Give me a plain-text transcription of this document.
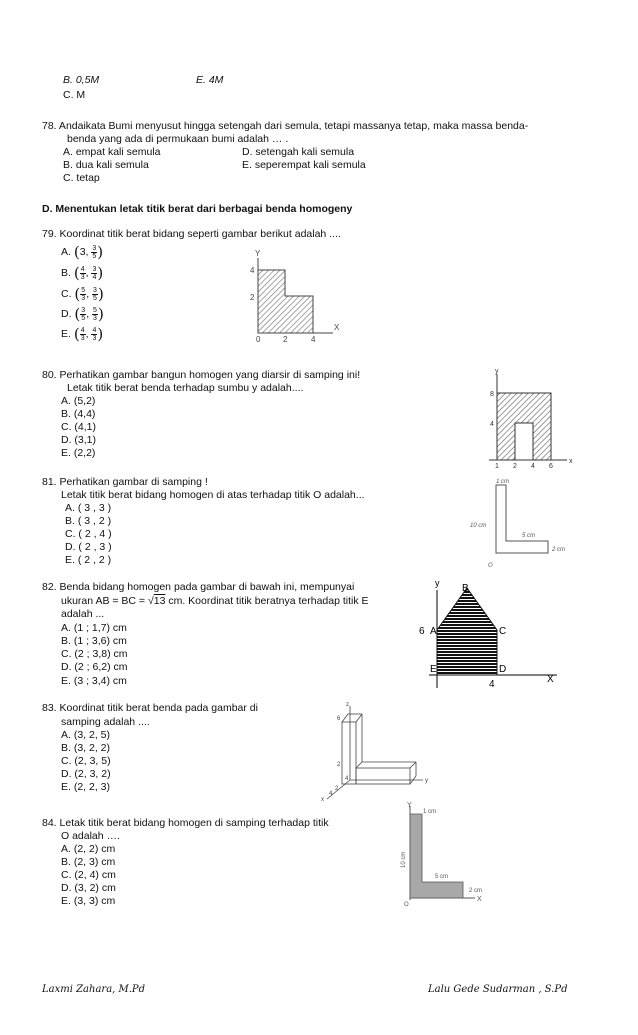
B. 0,5M	E. 4M
C. M
78. Andaikata Bumi menyusut hingga setengah dari semula, tetapi massanya tetap, maka massa benda-
benda yang ada di permukaan bumi adalah … .
A. empat kali semula	D. setengah kali semula
B. dua kali semula	E. seperempat kali semula
C. tetap
D. Menentukan letak titik berat dari berbagai benda homogeny
79. Koordinat titik berat bidang seperti gambar berikut adalah ....
A.
( 3 , $\frac{3}{5}$ )
B.
( $\frac{4}{3}$ , $\frac{3}{4}$ )
C.
( $\frac{5}{3}$ , $\frac{3}{5}$ )
D.
( $\frac{3}{5}$ , $\frac{5}{3}$ )
E.
( $\frac{4}{3}$ , $\frac{4}{3}$ )
Y
X
4
2
0	2	4
80. Perhatikan gambar bangun homogen yang diarsir di samping ini!
Letak titik berat benda terhadap sumbu y adalah....
A. (5,2)
B. (4,4)
C. (4,1)
D. (3,1)
E. (2,2)
y
x
8
4
1 2 4 6
81. Perhatikan gambar di samping !
Letak titik berat bidang homogen di atas terhadap titik O adalah...
A. ( 3 , 3 )
B. ( 3 , 2 )
C. ( 2 , 4 )
D. ( 2 , 3 )
E. ( 2 , 2 )
1 cm
10 cm
5 cm
2 cm
O
82. Benda bidang homogen pada gambar di bawah ini, mempunyai
ukuran AB = BC = √13 cm. Koordinat titik beratnya terhadap titik E
adalah ...
A. (1 ; 1,7) cm
B. (1 ; 3,6) cm
C. (2 ; 3,8) cm
D. (2 ; 6,2) cm
E. (3 ; 3,4) cm
y
X
B
6 A	C
E	D
4
83. Koordinat titik berat benda pada gambar di
samping adalah ....
A. (3, 2, 5)
B. (3, 2, 2)
C. (2, 3, 5)
D. (2, 3, 2)
E. (2, 2, 3)
z
y
x
6
2
4
2
4
84. Letak titik berat bidang homogen di samping terhadap titik
O adalah ….
A. (2, 2) cm
B. (2, 3) cm
C. (2, 4) cm
D. (3, 2) cm
E. (3, 3) cm
Y
X
1 cm
10 cm
5 cm
2 cm
O
Laxmi Zahara, M.Pd	Lalu Gede Sudarman , S.Pd
